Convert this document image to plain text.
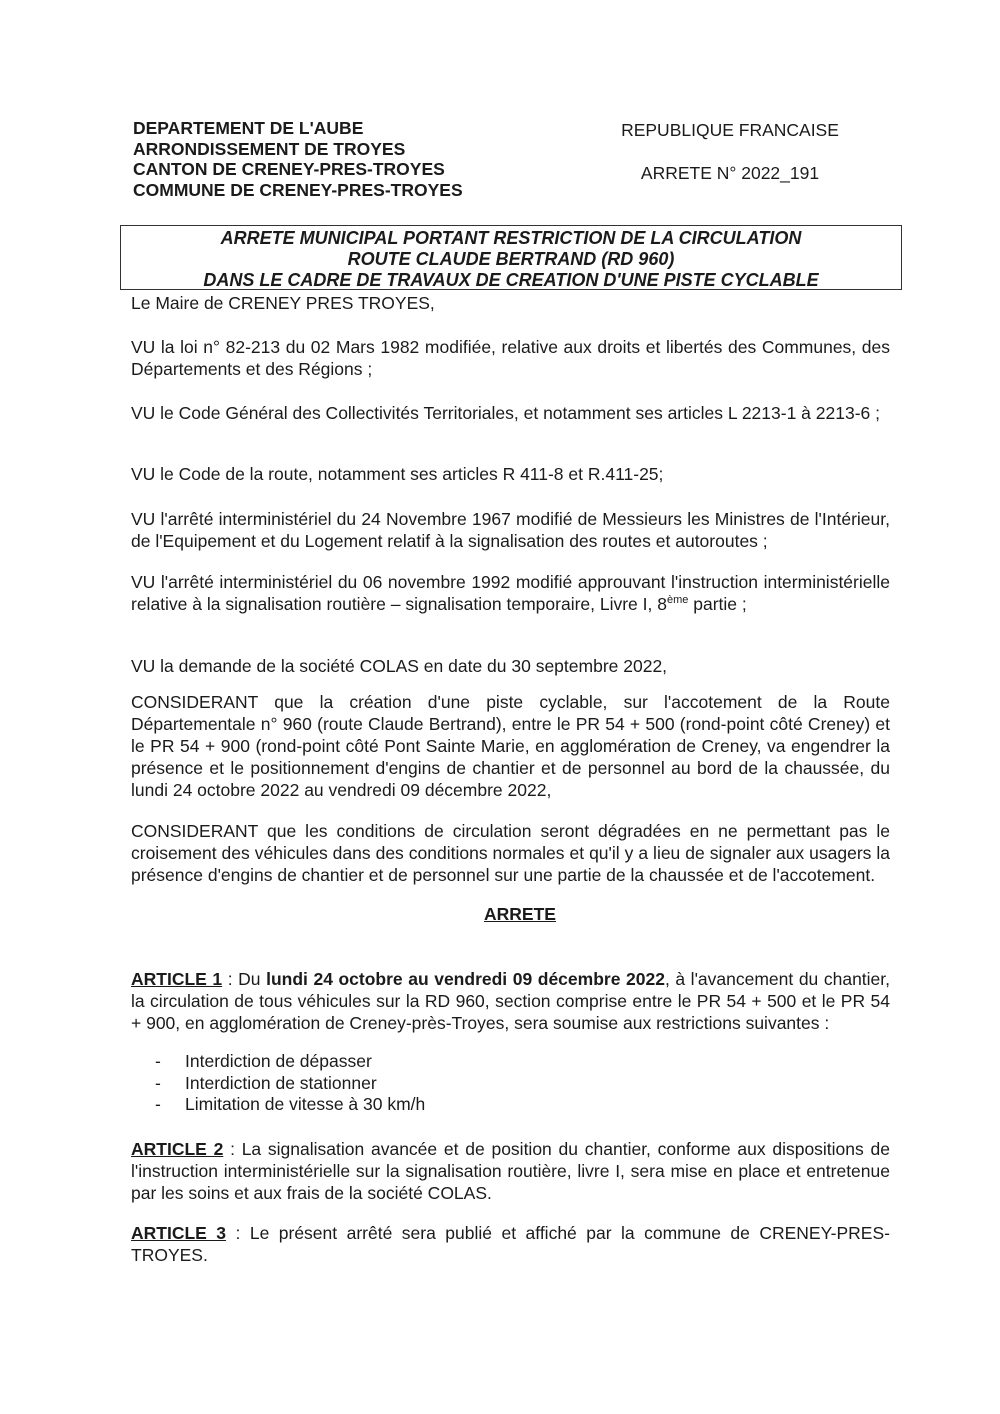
DEPARTEMENT DE L'AUBE
ARRONDISSEMENT DE TROYES
CANTON DE CRENEY-PRES-TROYES
COMMUNE DE CRENEY-PRES-TROYES
REPUBLIQUE FRANCAISE
ARRETE N° 2022_191
ARRETE MUNICIPAL PORTANT RESTRICTION DE LA CIRCULATION
ROUTE CLAUDE BERTRAND (RD 960)
DANS LE CADRE DE TRAVAUX DE CREATION D'UNE PISTE CYCLABLE
Le Maire de CRENEY PRES TROYES,
VU la loi n° 82-213 du 02 Mars 1982 modifiée, relative aux droits et libertés des Communes, des Départements et des Régions ;
VU le Code Général des Collectivités Territoriales, et notamment ses articles L 2213-1 à 2213-6 ;
VU le Code de la route, notamment ses articles R 411-8 et R.411-25;
VU l'arrêté interministériel du 24 Novembre 1967 modifié de Messieurs les Ministres de l'Intérieur, de l'Equipement et du Logement relatif à la signalisation des routes et autoroutes ;
VU l'arrêté interministériel du 06 novembre 1992 modifié approuvant l'instruction interministérielle relative à la signalisation routière – signalisation temporaire, Livre I, 8ème partie ;
VU la demande de la société COLAS en date du 30 septembre 2022,
CONSIDERANT que la création d'une piste cyclable, sur l'accotement de la Route Départementale n° 960 (route Claude Bertrand), entre le PR 54 + 500 (rond-point côté Creney) et le PR 54 + 900 (rond-point côté Pont Sainte Marie, en agglomération de Creney, va engendrer la présence et le positionnement d'engins de chantier et de personnel au bord de la chaussée, du lundi 24 octobre 2022 au vendredi 09 décembre 2022,
CONSIDERANT que les conditions de circulation seront dégradées en ne permettant pas le croisement des véhicules dans des conditions normales et qu'il y a lieu de signaler aux usagers la présence d'engins de chantier et de personnel sur une partie de la chaussée et de l'accotement.
ARRETE
ARTICLE 1 : Du lundi 24 octobre au vendredi 09 décembre 2022, à l'avancement du chantier, la circulation de tous véhicules sur la RD 960, section comprise entre le PR 54 + 500 et le PR 54 + 900, en agglomération de Creney-près-Troyes, sera soumise aux restrictions suivantes :
- Interdiction de dépasser
- Interdiction de stationner
- Limitation de vitesse à 30 km/h
ARTICLE 2 : La signalisation avancée et de position du chantier, conforme aux dispositions de l'instruction interministérielle sur la signalisation routière, livre I, sera mise en place et entretenue par les soins et aux frais de la société COLAS.
ARTICLE 3 : Le présent arrêté sera publié et affiché par la commune de CRENEY-PRES-TROYES.
